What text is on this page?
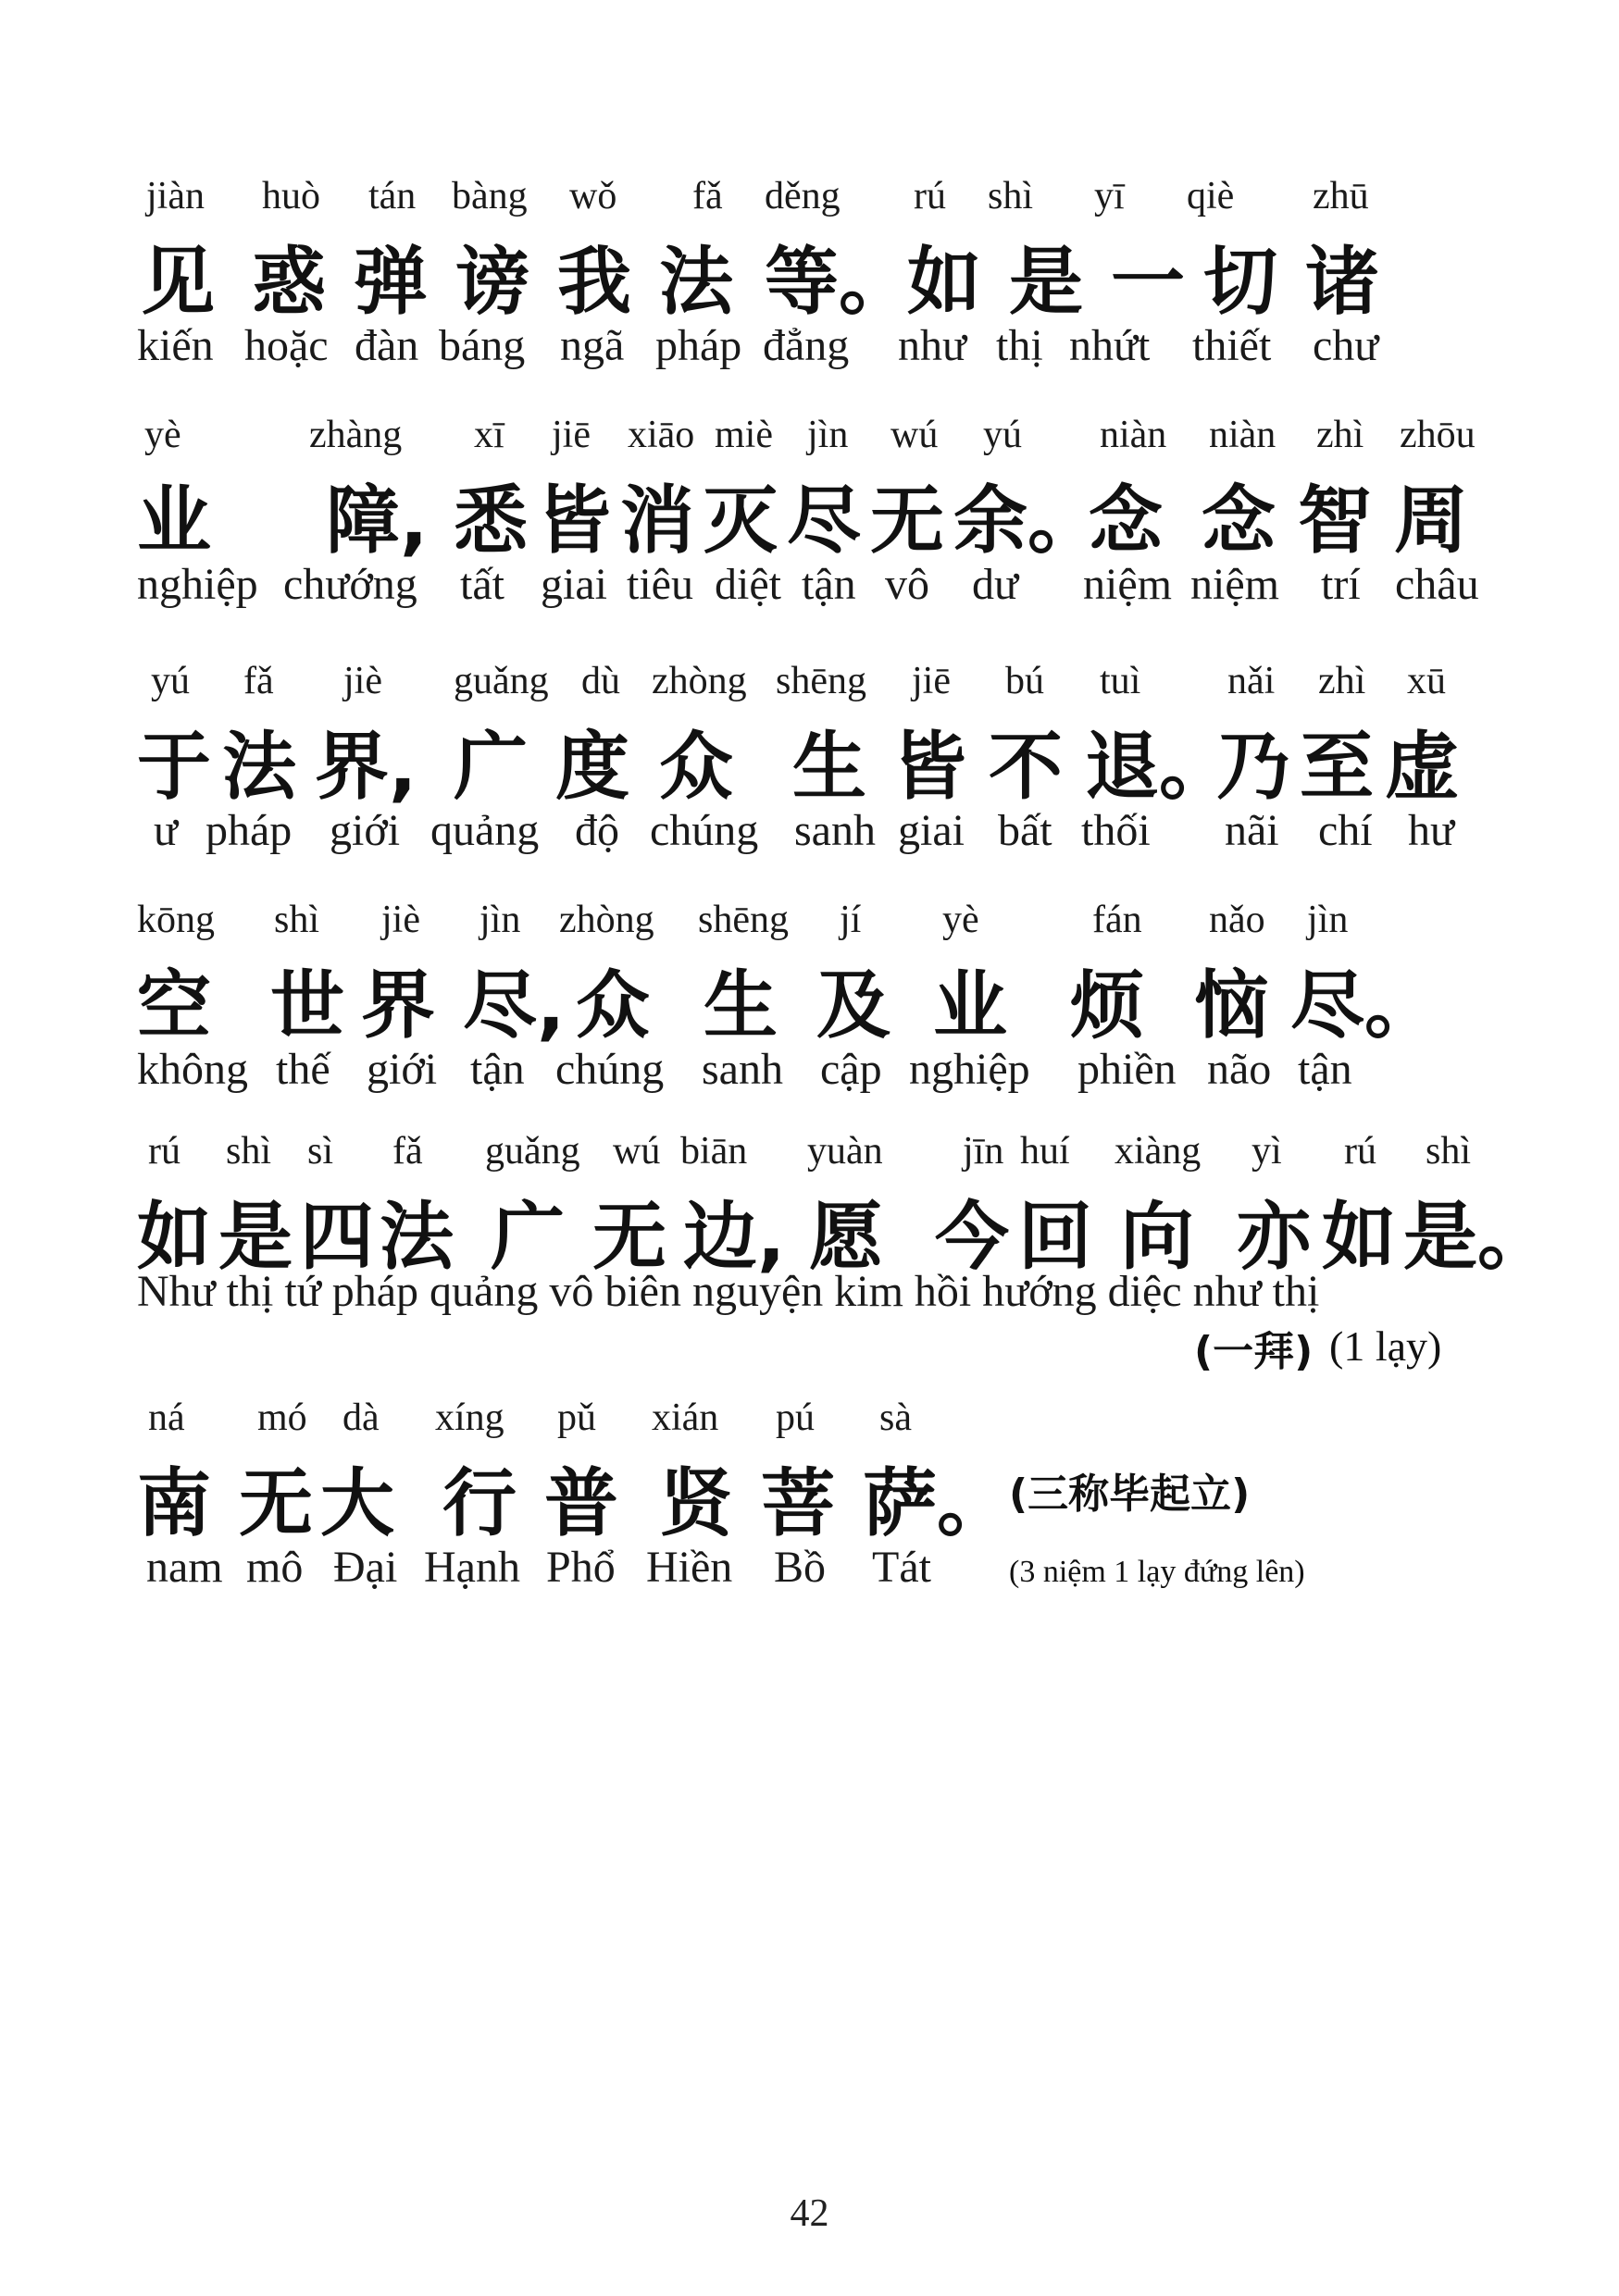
jiàn huò tán bàng wǒ fǎ děng rú shì yī qiè zhū
见 惑 弹 谤 我 法 等。
如 是 一 切 诸
kiến hoặc đàn báng ngã pháp đẳng như thị nhứt thiết chư
yè	zhàng xī jiē xiāo miè jìn wú yú niàn niàn zhì zhōu
业 障, 悉 皆 消 灭 尽 无 余。
念 念 智 周
nghiệp chướng tất giai tiêu diệt tận vô dư niệm niệm trí châu
yú fǎ jiè guǎng dù zhòng shēng jiē bú tuì nǎi zhì xū
于 法 界, 广 度 众 生 皆 不 退。
乃 至 虚
ư pháp giới quảng độ chúng sanh giai bất thối nãi chí hư
kōng shì jiè jìn zhòng shēng jí yè	fán nǎo jìn
空 世 界 尽, 众 生 及 业 烦 恼 尽。
không thế giới tận chúng sanh cập nghiệp phiền não tận
rú shì sì fǎ guǎng wú biān yuàn jīn huí xiàng yì rú shì
如 是 四 法 广 无 边, 愿 今 回 向 亦 如 是。
Như thị tứ pháp quảng vô biên nguyện kim hồi hướng diệc như thị
(一拜) (1 lạy)
ná mó dà xíng pǔ xián pú sà
南 无 大 行 普 贤 菩 萨。
(三称毕起立)
nam mô Đại Hạnh Phổ Hiền Bồ Tát (3 niệm 1 lạy đứng lên)
42
